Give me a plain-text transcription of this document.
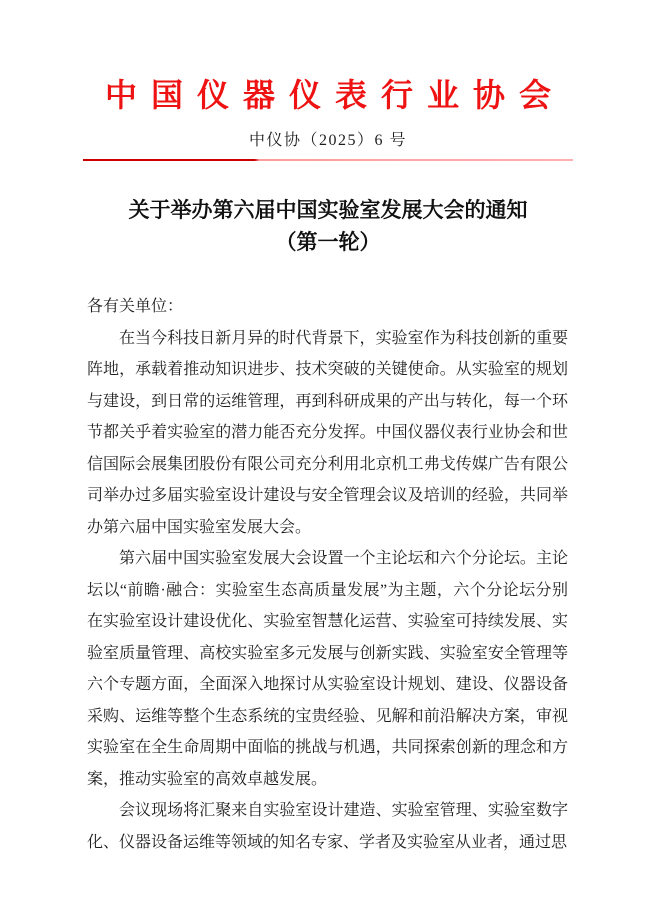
中国仪器仪表行业协会
中仪协（2025）6 号
关于举办第六届中国实验室发展大会的通知
（第一轮）

各有关单位：

在当今科技日新月异的时代背景下，实验室作为科技创新的重要阵地，承载着推动知识进步、技术突破的关键使命。从实验室的规划与建设，到日常的运维管理，再到科研成果的产出与转化，每一个环节都关乎着实验室的潜力能否充分发挥。中国仪器仪表行业协会和世信国际会展集团股份有限公司充分利用北京机工弗戈传媒广告有限公司举办过多届实验室设计建设与安全管理会议及培训的经验，共同举办第六届中国实验室发展大会。

第六届中国实验室发展大会设置一个主论坛和六个分论坛。主论坛以“前瞻·融合：实验室生态高质量发展”为主题，六个分论坛分别在实验室设计建设优化、实验室智慧化运营、实验室可持续发展、实验室质量管理、高校实验室多元发展与创新实践、实验室安全管理等六个专题方面，全面深入地探讨从实验室设计规划、建设、仪器设备采购、运维等整个生态系统的宝贵经验、见解和前沿解决方案，审视实验室在全生命周期中面临的挑战与机遇，共同探索创新的理念和方案，推动实验室的高效卓越发展。

会议现场将汇聚来自实验室设计建造、实验室管理、实验室数字化、仪器设备运维等领域的知名专家、学者及实验室从业者，通过思
